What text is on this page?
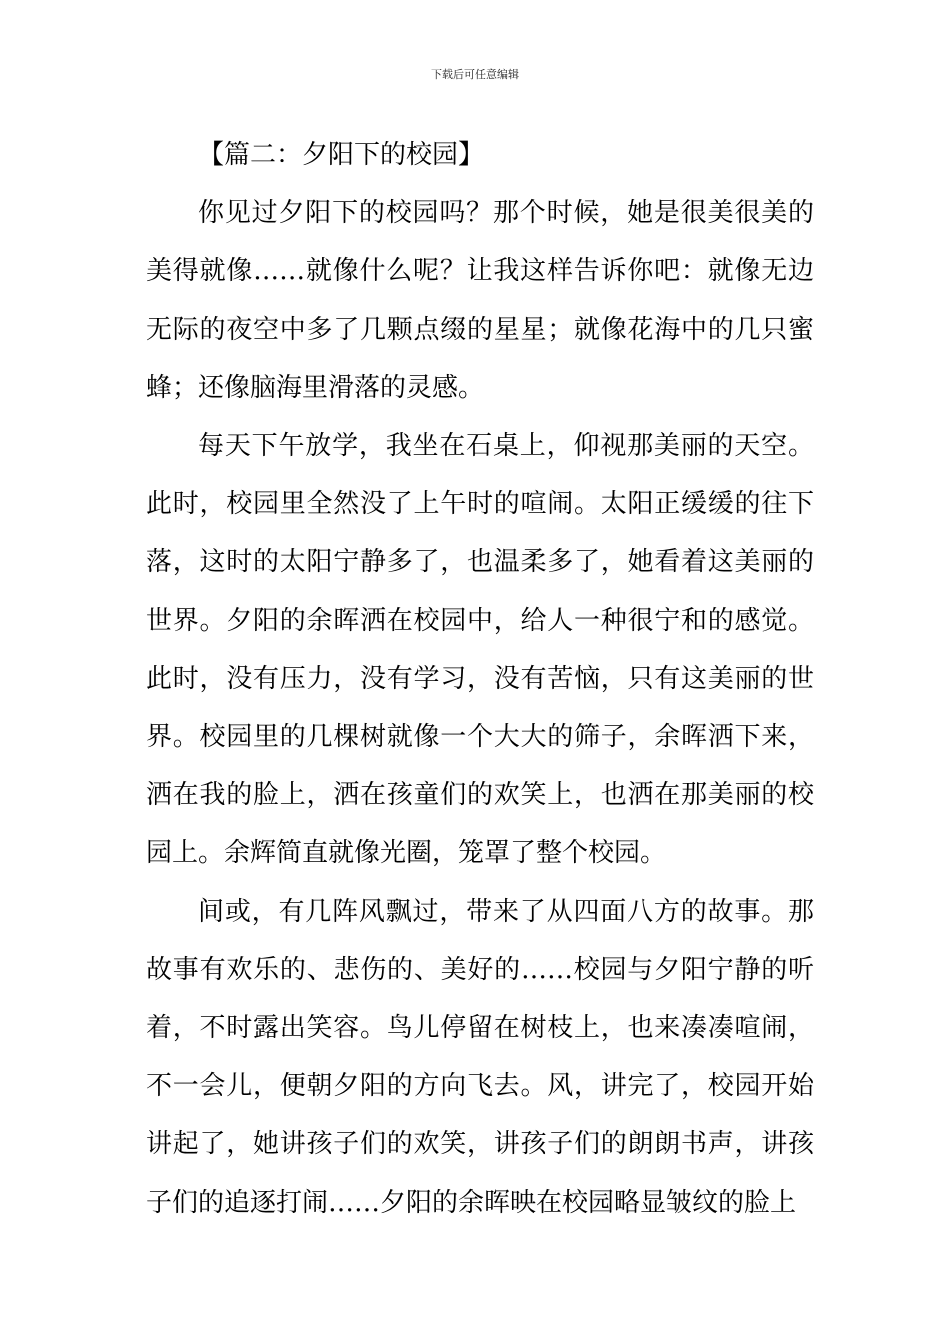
下载后可任意编辑

【篇二：夕阳下的校园】

你见过夕阳下的校园吗？那个时候，她是很美很美的美得就像……就像什么呢？让我这样告诉你吧：就像无边无际的夜空中多了几颗点缀的星星；就像花海中的几只蜜蜂；还像脑海里滑落的灵感。

每天下午放学，我坐在石桌上，仰视那美丽的天空。此时，校园里全然没了上午时的喧闹。太阳正缓缓的往下落，这时的太阳宁静多了，也温柔多了，她看着这美丽的世界。夕阳的余晖洒在校园中，给人一种很宁和的感觉。此时，没有压力，没有学习，没有苦恼，只有这美丽的世界。校园里的几棵树就像一个大大的筛子，余晖洒下来，洒在我的脸上，洒在孩童们的欢笑上，也洒在那美丽的校园上。余辉简直就像光圈，笼罩了整个校园。

间或，有几阵风飘过，带来了从四面八方的故事。那故事有欢乐的、悲伤的、美好的……校园与夕阳宁静的听着，不时露出笑容。鸟儿停留在树枝上，也来凑凑喧闹，不一会儿，便朝夕阳的方向飞去。风，讲完了，校园开始讲起了，她讲孩子们的欢笑，讲孩子们的朗朗书声，讲孩子们的追逐打闹……夕阳的余晖映在校园略显皱纹的脸上
